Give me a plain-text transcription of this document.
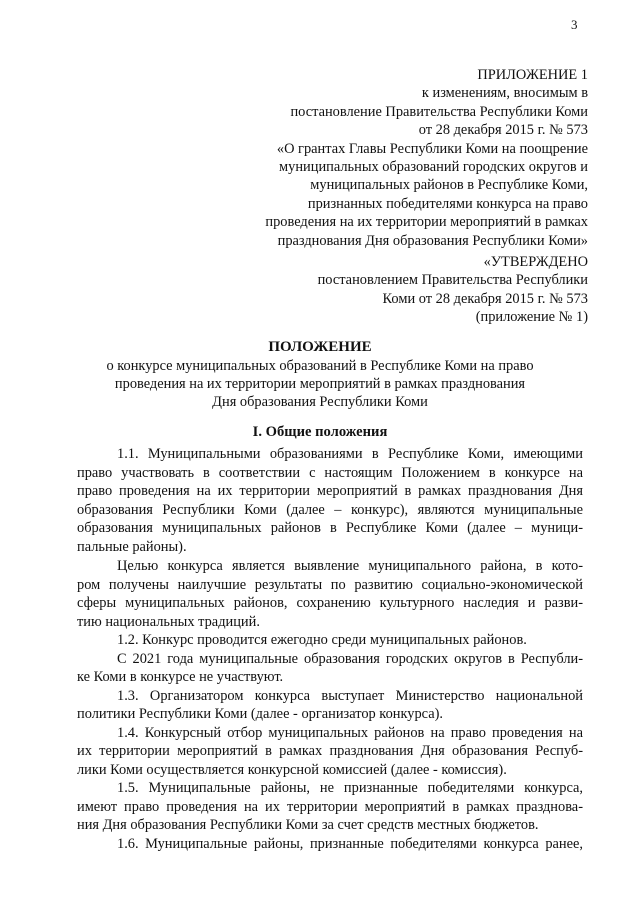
3
ПРИЛОЖЕНИЕ 1
к изменениям, вносимым в
постановление Правительства Республики Коми
от 28 декабря 2015 г. № 573
«О грантах Главы Республики Коми на поощрение
муниципальных образований городских округов и
муниципальных районов в Республике Коми,
признанных победителями конкурса на право
проведения на их территории мероприятий в рамках
празднования Дня образования Республики Коми»
«УТВЕРЖДЕНО
постановлением Правительства Республики
Коми от 28 декабря 2015 г. № 573
(приложение № 1)
ПОЛОЖЕНИЕ
о конкурсе муниципальных образований в Республике Коми на право
проведения на их территории мероприятий в рамках празднования
Дня образования Республики Коми
I. Общие положения
1.1. Муниципальными образованиями в Республике Коми, имеющими
право участвовать в соответствии с настоящим Положением в конкурсе на
право проведения на их территории мероприятий в рамках празднования Дня
образования Республики Коми (далее – конкурс), являются муниципальные
образования муниципальных районов в Республике Коми (далее – муници-
пальные районы).
Целью конкурса является выявление муниципального района, в кото-
ром получены наилучшие результаты по развитию социально-экономической
сферы муниципальных районов, сохранению культурного наследия и разви-
тию национальных традиций.
1.2. Конкурс проводится ежегодно среди муниципальных районов.
С 2021 года муниципальные образования городских округов в Республи-
ке Коми в конкурсе не участвуют.
1.3. Организатором конкурса выступает Министерство национальной
политики Республики Коми (далее - организатор конкурса).
1.4. Конкурсный отбор муниципальных районов на право проведения на
их территории мероприятий в рамках празднования Дня образования Респуб-
лики Коми осуществляется конкурсной комиссией (далее - комиссия).
1.5. Муниципальные районы, не признанные победителями конкурса,
имеют право проведения на их территории мероприятий в рамках празднова-
ния Дня образования Республики Коми за счет средств местных бюджетов.
1.6. Муниципальные районы, признанные победителями конкурса ранее,
